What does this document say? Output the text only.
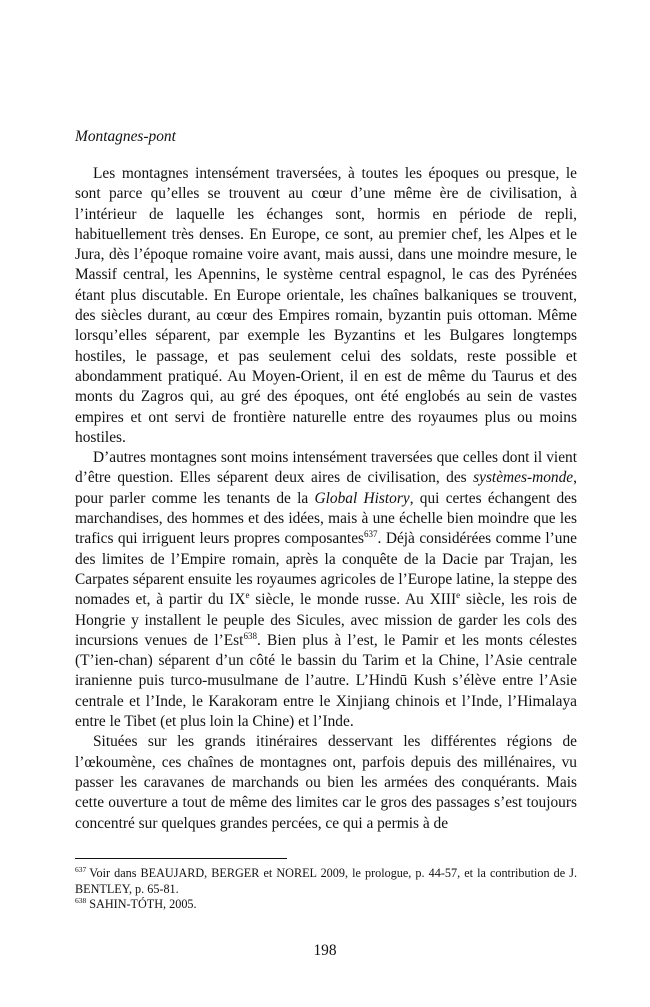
Montagnes-pont

Les montagnes intensément traversées, à toutes les époques ou presque, le sont parce qu’elles se trouvent au cœur d’une même ère de civilisation, à l’intérieur de laquelle les échanges sont, hormis en période de repli, habituellement très denses. En Europe, ce sont, au premier chef, les Alpes et le Jura, dès l’époque romaine voire avant, mais aussi, dans une moindre mesure, le Massif central, les Apennins, le système central espagnol, le cas des Pyrénées étant plus discutable. En Europe orientale, les chaînes balkaniques se trouvent, des siècles durant, au cœur des Empires romain, byzantin puis ottoman. Même lorsqu’elles séparent, par exemple les Byzantins et les Bulgares longtemps hostiles, le passage, et pas seulement celui des soldats, reste possible et abondamment pratiqué. Au Moyen-Orient, il en est de même du Taurus et des monts du Zagros qui, au gré des époques, ont été englobés au sein de vastes empires et ont servi de frontière naturelle entre des royaumes plus ou moins hostiles.

D’autres montagnes sont moins intensément traversées que celles dont il vient d’être question. Elles séparent deux aires de civilisation, des systèmes-monde, pour parler comme les tenants de la Global History, qui certes échangent des marchandises, des hommes et des idées, mais à une échelle bien moindre que les trafics qui irriguent leurs propres composantes$^{637}$. Déjà considérées comme l’une des limites de l’Empire romain, après la conquête de la Dacie par Trajan, les Carpates séparent ensuite les royaumes agricoles de l’Europe latine, la steppe des nomades et, à partir du IXe siècle, le monde russe. Au XIIIe siècle, les rois de Hongrie y installent le peuple des Sicules, avec mission de garder les cols des incursions venues de l’Est$^{638}$. Bien plus à l’est, le Pamir et les monts célestes (T’ien-chan) séparent d’un côté le bassin du Tarim et la Chine, l’Asie centrale iranienne puis turco-musulmane de l’autre. L’Hindū Kush s’élève entre l’Asie centrale et l’Inde, le Karakoram entre le Xinjiang chinois et l’Inde, l’Himalaya entre le Tibet (et plus loin la Chine) et l’Inde.

Situées sur les grands itinéraires desservant les différentes régions de l’œkoumène, ces chaînes de montagnes ont, parfois depuis des millénaires, vu passer les caravanes de marchands ou bien les armées des conquérants. Mais cette ouverture a tout de même des limites car le gros des passages s’est toujours concentré sur quelques grandes percées, ce qui a permis à de

$^{637}$ Voir dans BEAUJARD, BERGER et NOREL 2009, le prologue, p. 44-57, et la contribution de J. BENTLEY, p. 65-81.

$^{638}$ SAHIN-TÓTH, 2005.

198
